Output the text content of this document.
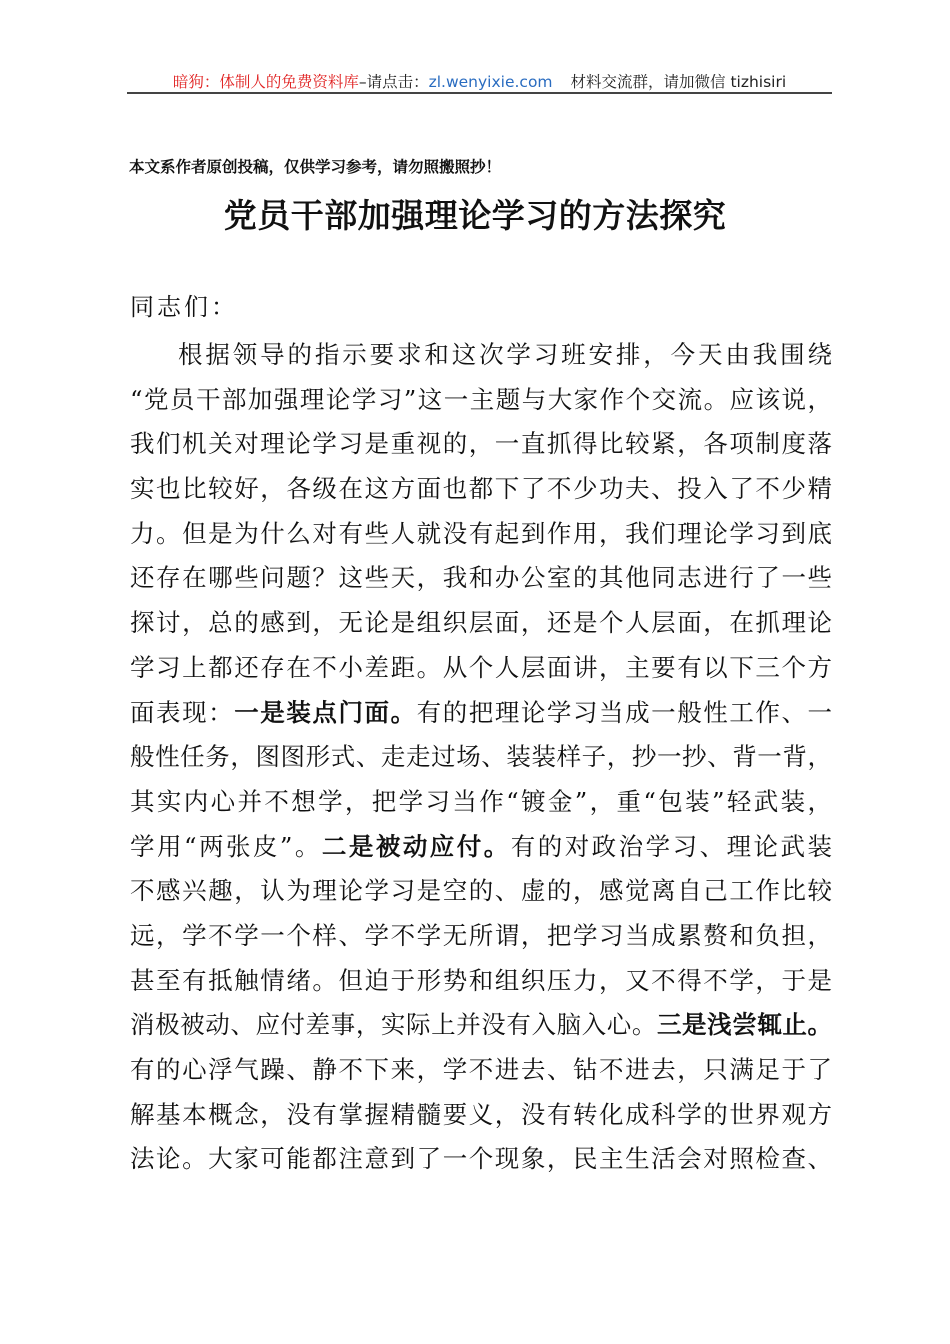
暗狗：体制人的免费资料库–请点击：zl.wenyixie.com 材料交流群，请加微信 tizhisiri
本文系作者原创投稿，仅供学习参考，请勿照搬照抄！
党员干部加强理论学习的方法探究
同志们：
根据领导的指示要求和这次学习班安排，今天由我围绕
“党员干部加强理论学习”这一主题与大家作个交流。应该说，
我们机关对理论学习是重视的，一直抓得比较紧，各项制度落
实也比较好，各级在这方面也都下了不少功夫、投入了不少精
力。但是为什么对有些人就没有起到作用，我们理论学习到底
还存在哪些问题？这些天，我和办公室的其他同志进行了一些
探讨，总的感到，无论是组织层面，还是个人层面，在抓理论
学习上都还存在不小差距。从个人层面讲，主要有以下三个方
面表现：一是装点门面。有的把理论学习当成一般性工作、一
般性任务，图图形式、走走过场、装装样子，抄一抄、背一背，
其实内心并不想学，把学习当作“镀金”，重“包装”轻武装，
学用“两张皮”。二是被动应付。有的对政治学习、理论武装
不感兴趣，认为理论学习是空的、虚的，感觉离自己工作比较
远，学不学一个样、学不学无所谓，把学习当成累赘和负担，
甚至有抵触情绪。但迫于形势和组织压力，又不得不学，于是
消极被动、应付差事，实际上并没有入脑入心。三是浅尝辄止。
有的心浮气躁、静不下来，学不进去、钻不进去，只满足于了
解基本概念，没有掌握精髓要义，没有转化成科学的世界观方
法论。大家可能都注意到了一个现象，民主生活会对照检查、
